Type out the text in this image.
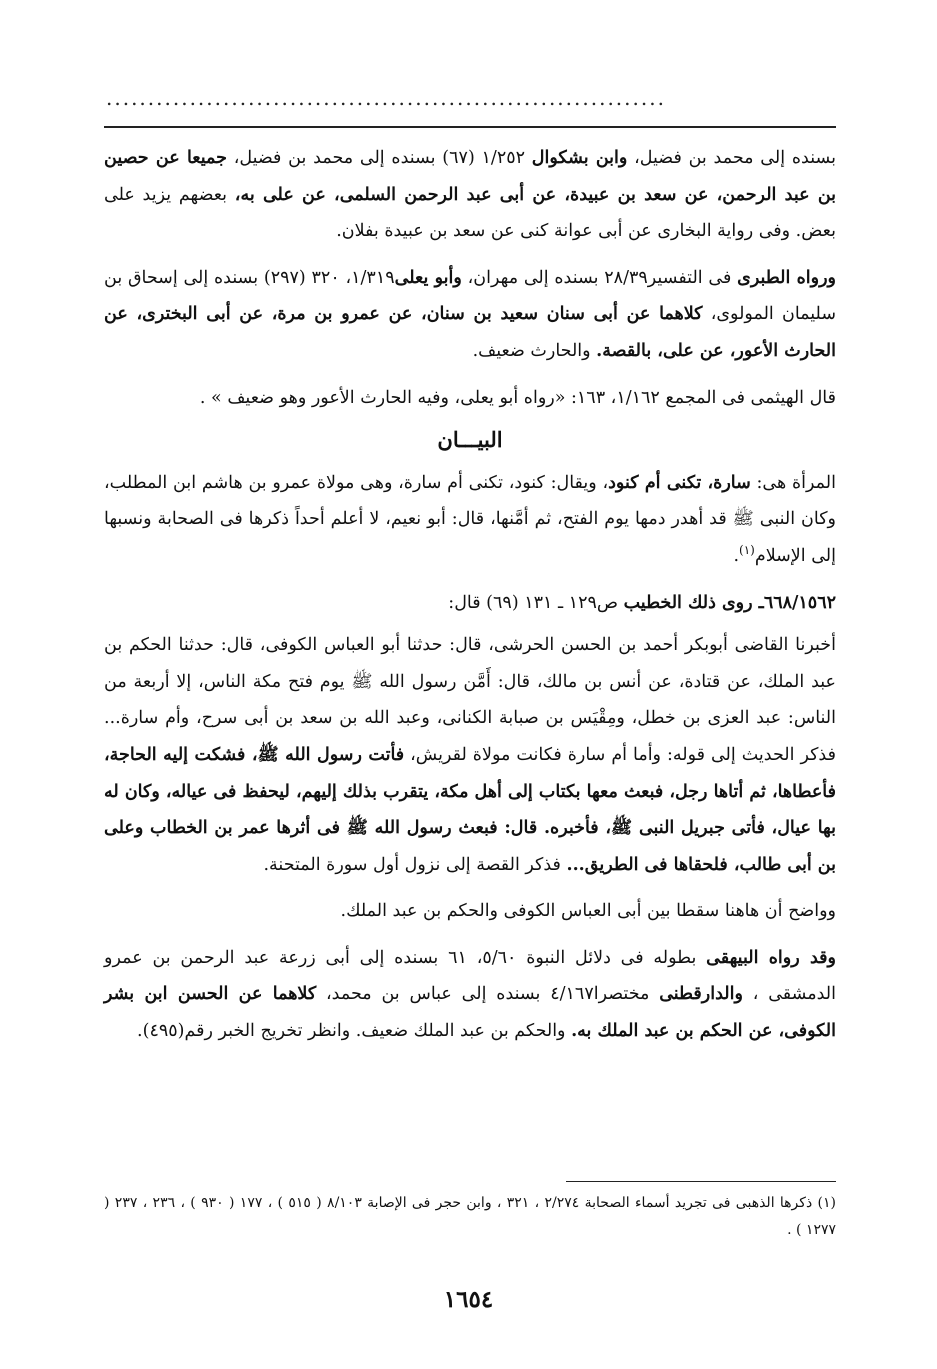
...................................................................

بسنده إلى محمد بن فضيل، وابن بشكوال ١/٢٥٢ (٦٧) بسنده إلى محمد بن فضيل، جميعا عن حصين بن عبد الرحمن، عن سعد بن عبيدة، عن أبى عبد الرحمن السلمى، عن على به، بعضهم يزيد على بعض. وفى رواية البخارى عن أبى عوانة كنى عن سعد بن عبيدة بفلان.

ورواه الطبرى فى التفسير٢٨/٣٩ بسنده إلى مهران، وأبو يعلى١/٣١٩، ٣٢٠ (٢٩٧) بسنده إلى إسحاق بن سليمان المولوى، كلاهما عن أبى سنان سعيد بن سنان، عن عمرو بن مرة، عن أبى البخترى، عن الحارث الأعور، عن على، بالقصة. والحارث ضعيف.

قال الهيثمى فى المجمع ١/١٦٢، ١٦٣: «رواه أبو يعلى، وفيه الحارث الأعور وهو ضعيف » .

البيـــان

المرأة هى: سارة، تكنى أم كنود، ويقال: كنود، تكنى أم سارة، وهى مولاة عمرو بن هاشم ابن المطلب، وكان النبى ﷺ قد أهدر دمها يوم الفتح، ثم أمَّنها، قال: أبو نعيم، لا أعلم أحداً ذكرها فى الصحابة ونسبها إلى الإسلام$^{(١)}$.

٦٦٨/١٥٦٢ـ روى ذلك الخطيب ص١٢٩ ـ ١٣١ (٦٩) قال:

أخبرنا القاضى أبوبكر أحمد بن الحسن الحرشى، قال: حدثنا أبو العباس الكوفى، قال: حدثنا الحكم بن عبد الملك، عن قتادة، عن أنس بن مالك، قال: أَمَّن رسول الله ﷺ يوم فتح مكة الناس، إلا أربعة من الناس: عبد العزى بن خطل، ومِقْيَس بن صبابة الكنانى، وعبد الله بن سعد بن أبى سرح، وأم سارة... فذكر الحديث إلى قوله: وأما أم سارة فكانت مولاة لقريش، فأتت رسول الله ﷺ، فشكت إليه الحاجة، فأعطاها، ثم أتاها رجل، فبعث معها بكتاب إلى أهل مكة، يتقرب بذلك إليهم، ليحفظ فى عياله، وكان له بها عيال، فأتى جبريل النبى ﷺ، فأخبره. قال: فبعث رسول الله ﷺ فى أثرها عمر بن الخطاب وعلى بن أبى طالب، فلحقاها فى الطريق... فذكر القصة إلى نزول أول سورة المتحنة.

وواضح أن هاهنا سقطا بين أبى العباس الكوفى والحكم بن عبد الملك.

وقد رواه البيهقى بطوله فى دلائل النبوة ٥/٦٠، ٦١ بسنده إلى أبى زرعة عبد الرحمن بن عمرو الدمشقى ، والدارقطنى مختصرا٤/١٦٧ بسنده إلى عباس بن محمد، كلاهما عن الحسن ابن بشر الكوفى، عن الحكم بن عبد الملك به. والحكم بن عبد الملك ضعيف. وانظر تخريج الخبر رقم(٤٩٥).

(١) ذكرها الذهبى فى تجريد أسماء الصحابة ٢/٢٧٤ ، ٣٢١ ، وابن حجر فى الإصابة ٨/١٠٣ ( ٥١٥ ) ، ١٧٧ ( ٩٣٠ ) ، ٢٣٦ ، ٢٣٧ ( ١٢٧٧ ) .
١٦٥٤
